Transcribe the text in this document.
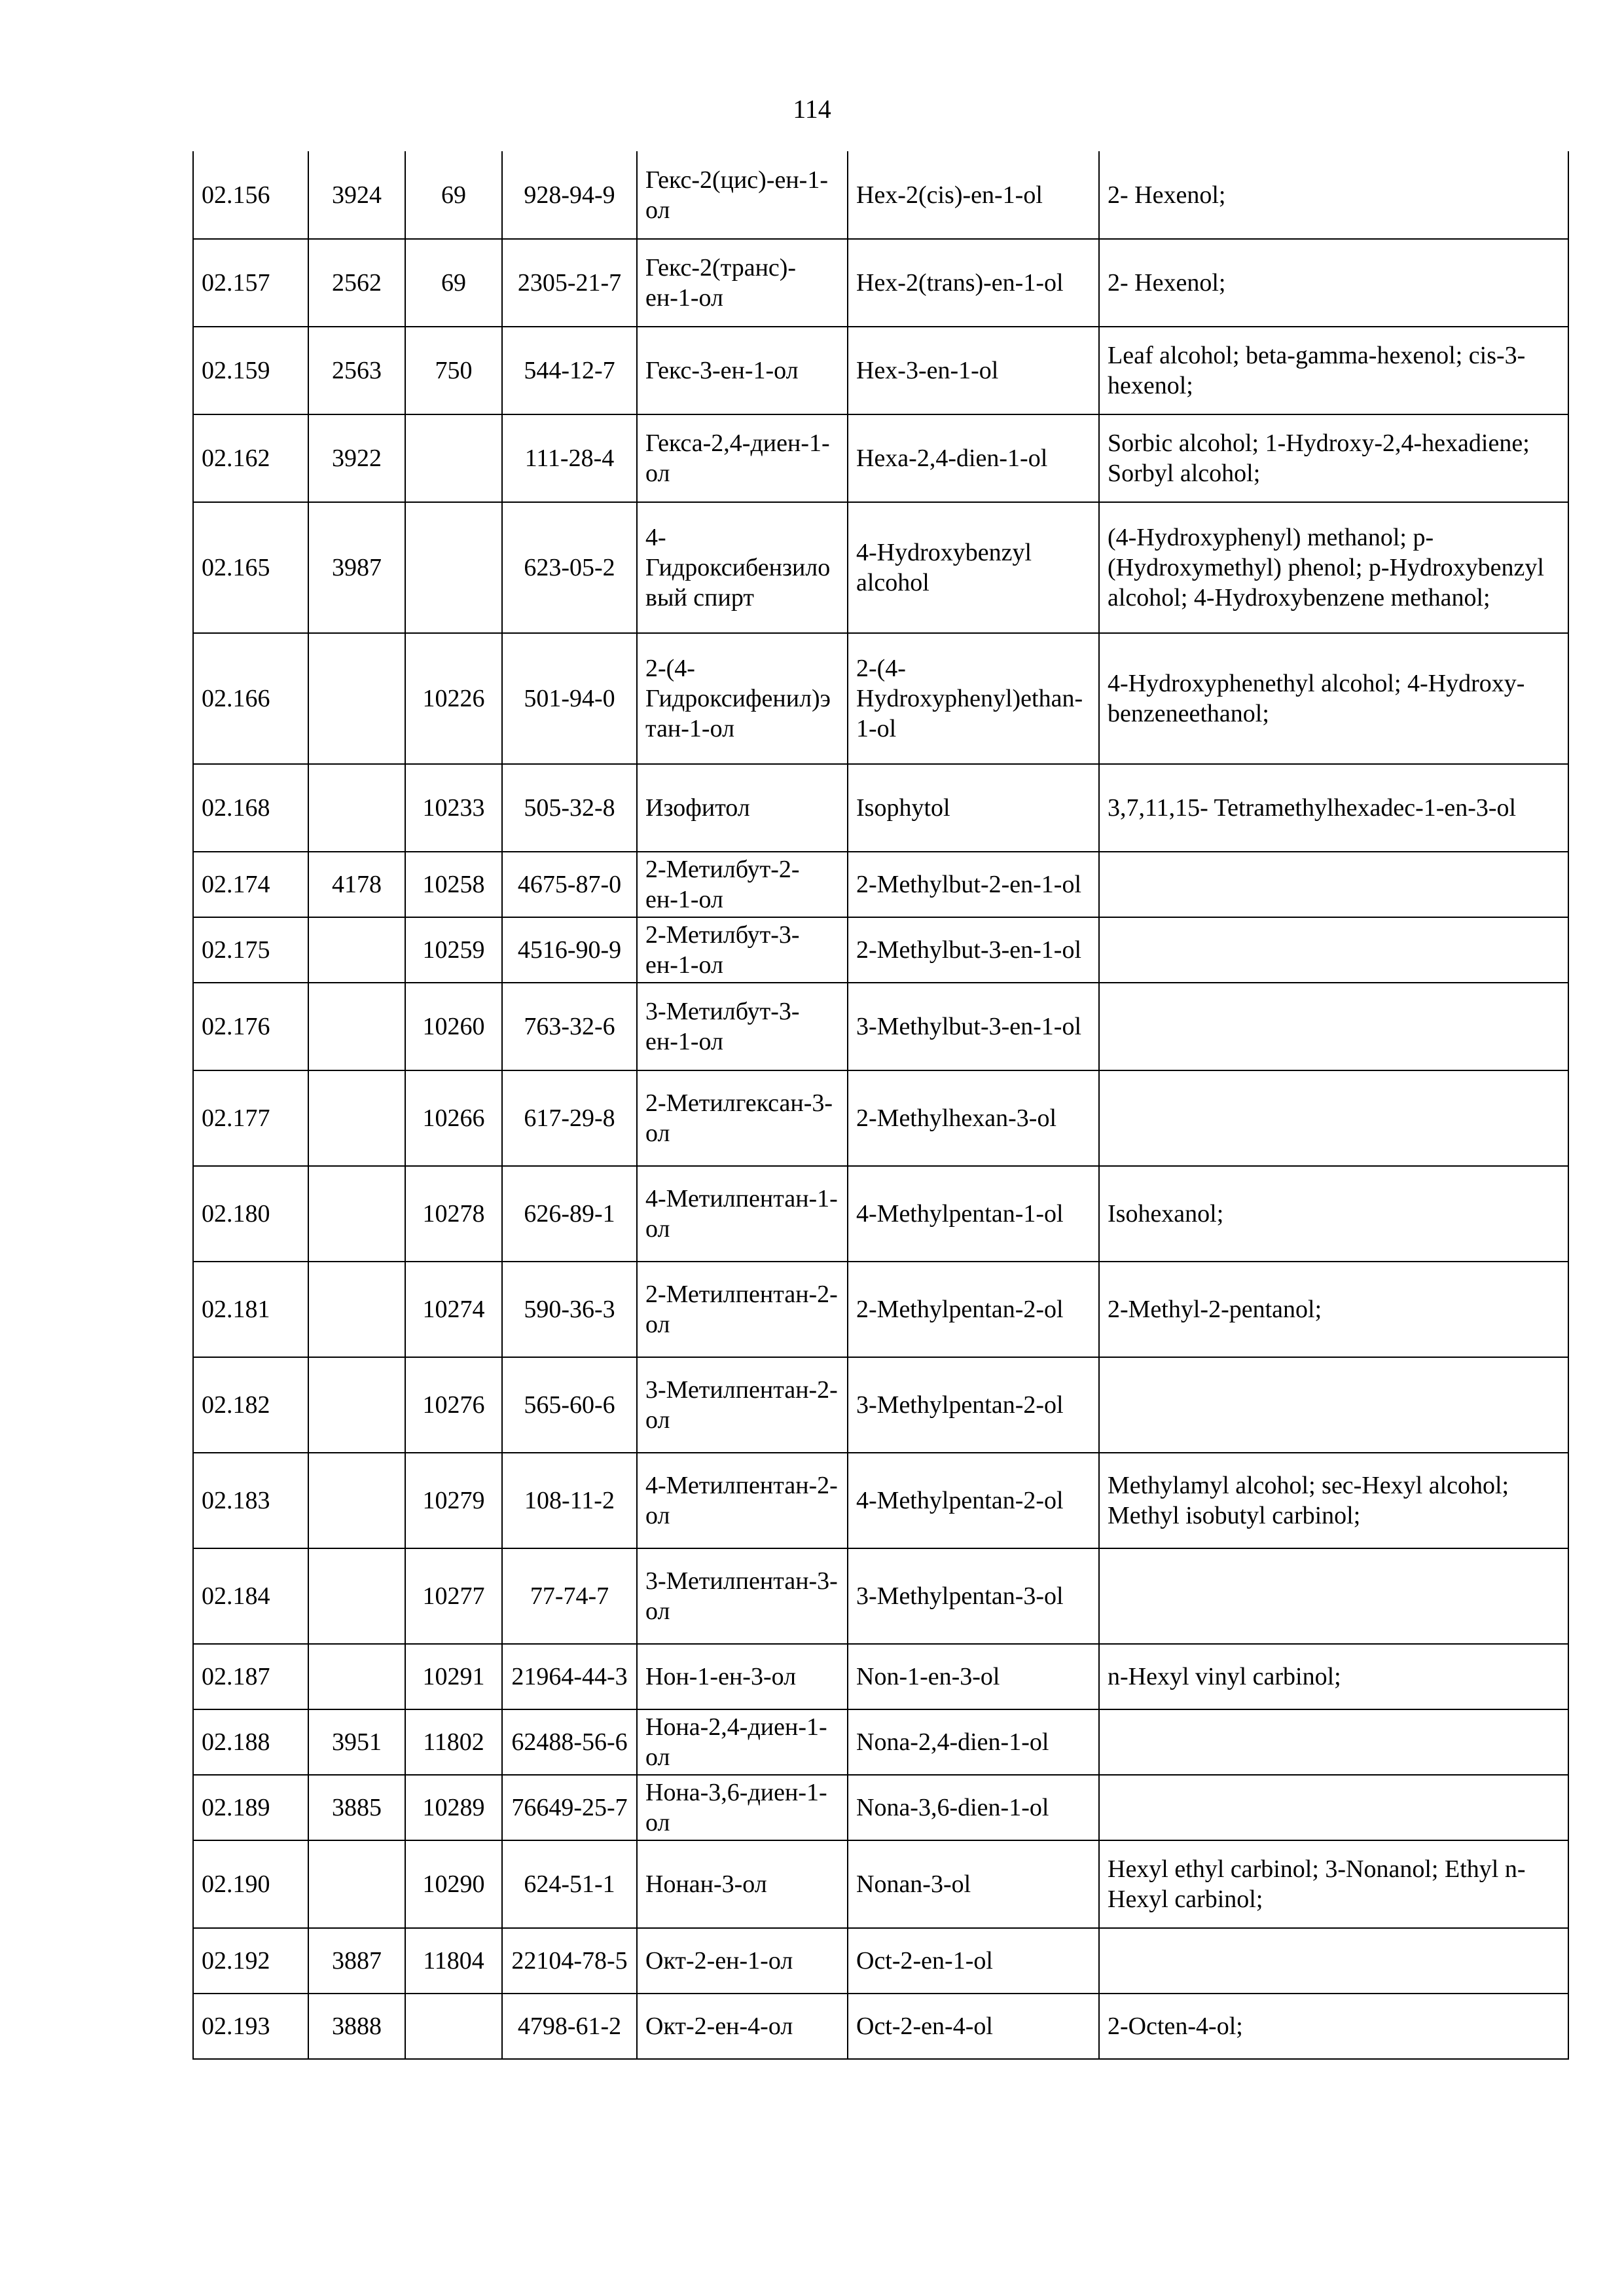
114
02.156	3924	69	928-94-9	Гекс-2(цис)-ен-1-ол	Hex-2(cis)-en-1-ol	2- Hexenol;
02.157	2562	69	2305-21-7	Гекс-2(транс)-ен-1-ол	Hex-2(trans)-en-1-ol	2- Hexenol;
02.159	2563	750	544-12-7	Гекс-3-ен-1-ол	Hex-3-en-1-ol	Leaf alcohol; beta-gamma-hexenol; cis-3-hexenol;
02.162	3922		111-28-4	Гекса-2,4-диен-1-ол	Hexa-2,4-dien-1-ol	Sorbic alcohol; 1-Hydroxy-2,4-hexadiene; Sorbyl alcohol;
02.165	3987		623-05-2	4-Гидроксибензиловый спирт	4-Hydroxybenzyl alcohol	(4-Hydroxyphenyl) methanol; p-(Hydroxymethyl) phenol; p-Hydroxybenzyl alcohol; 4-Hydroxybenzene methanol;
02.166		10226	501-94-0	2-(4-Гидроксифенил)этан-1-ол	2-(4-Hydroxyphenyl)ethan-1-ol	4-Hydroxyphenethyl alcohol; 4-Hydroxy-benzeneethanol;
02.168		10233	505-32-8	Изофитол	Isophytol	3,7,11,15- Tetramethylhexadec-1-en-3-ol
02.174	4178	10258	4675-87-0	2-Метилбут-2-ен-1-ол	2-Methylbut-2-en-1-ol	
02.175		10259	4516-90-9	2-Метилбут-3-ен-1-ол	2-Methylbut-3-en-1-ol	
02.176		10260	763-32-6	3-Метилбут-3-ен-1-ол	3-Methylbut-3-en-1-ol	
02.177		10266	617-29-8	2-Метилгексан-3-ол	2-Methylhexan-3-ol	
02.180		10278	626-89-1	4-Метилпентан-1-ол	4-Methylpentan-1-ol	Isohexanol;
02.181		10274	590-36-3	2-Метилпентан-2-ол	2-Methylpentan-2-ol	2-Methyl-2-pentanol;
02.182		10276	565-60-6	3-Метилпентан-2-ол	3-Methylpentan-2-ol	
02.183		10279	108-11-2	4-Метилпентан-2-ол	4-Methylpentan-2-ol	Methylamyl alcohol; sec-Hexyl alcohol; Methyl isobutyl carbinol;
02.184		10277	77-74-7	3-Метилпентан-3-ол	3-Methylpentan-3-ol	
02.187		10291	21964-44-3	Нон-1-ен-3-ол	Non-1-en-3-ol	n-Hexyl vinyl carbinol;
02.188	3951	11802	62488-56-6	Нона-2,4-диен-1-ол	Nona-2,4-dien-1-ol	
02.189	3885	10289	76649-25-7	Нона-3,6-диен-1-ол	Nona-3,6-dien-1-ol	
02.190		10290	624-51-1	Нонан-3-ол	Nonan-3-ol	Hexyl ethyl carbinol; 3-Nonanol; Ethyl n-Hexyl carbinol;
02.192	3887	11804	22104-78-5	Окт-2-ен-1-ол	Oct-2-en-1-ol	
02.193	3888		4798-61-2	Окт-2-ен-4-ол	Oct-2-en-4-ol	2-Octen-4-ol;
